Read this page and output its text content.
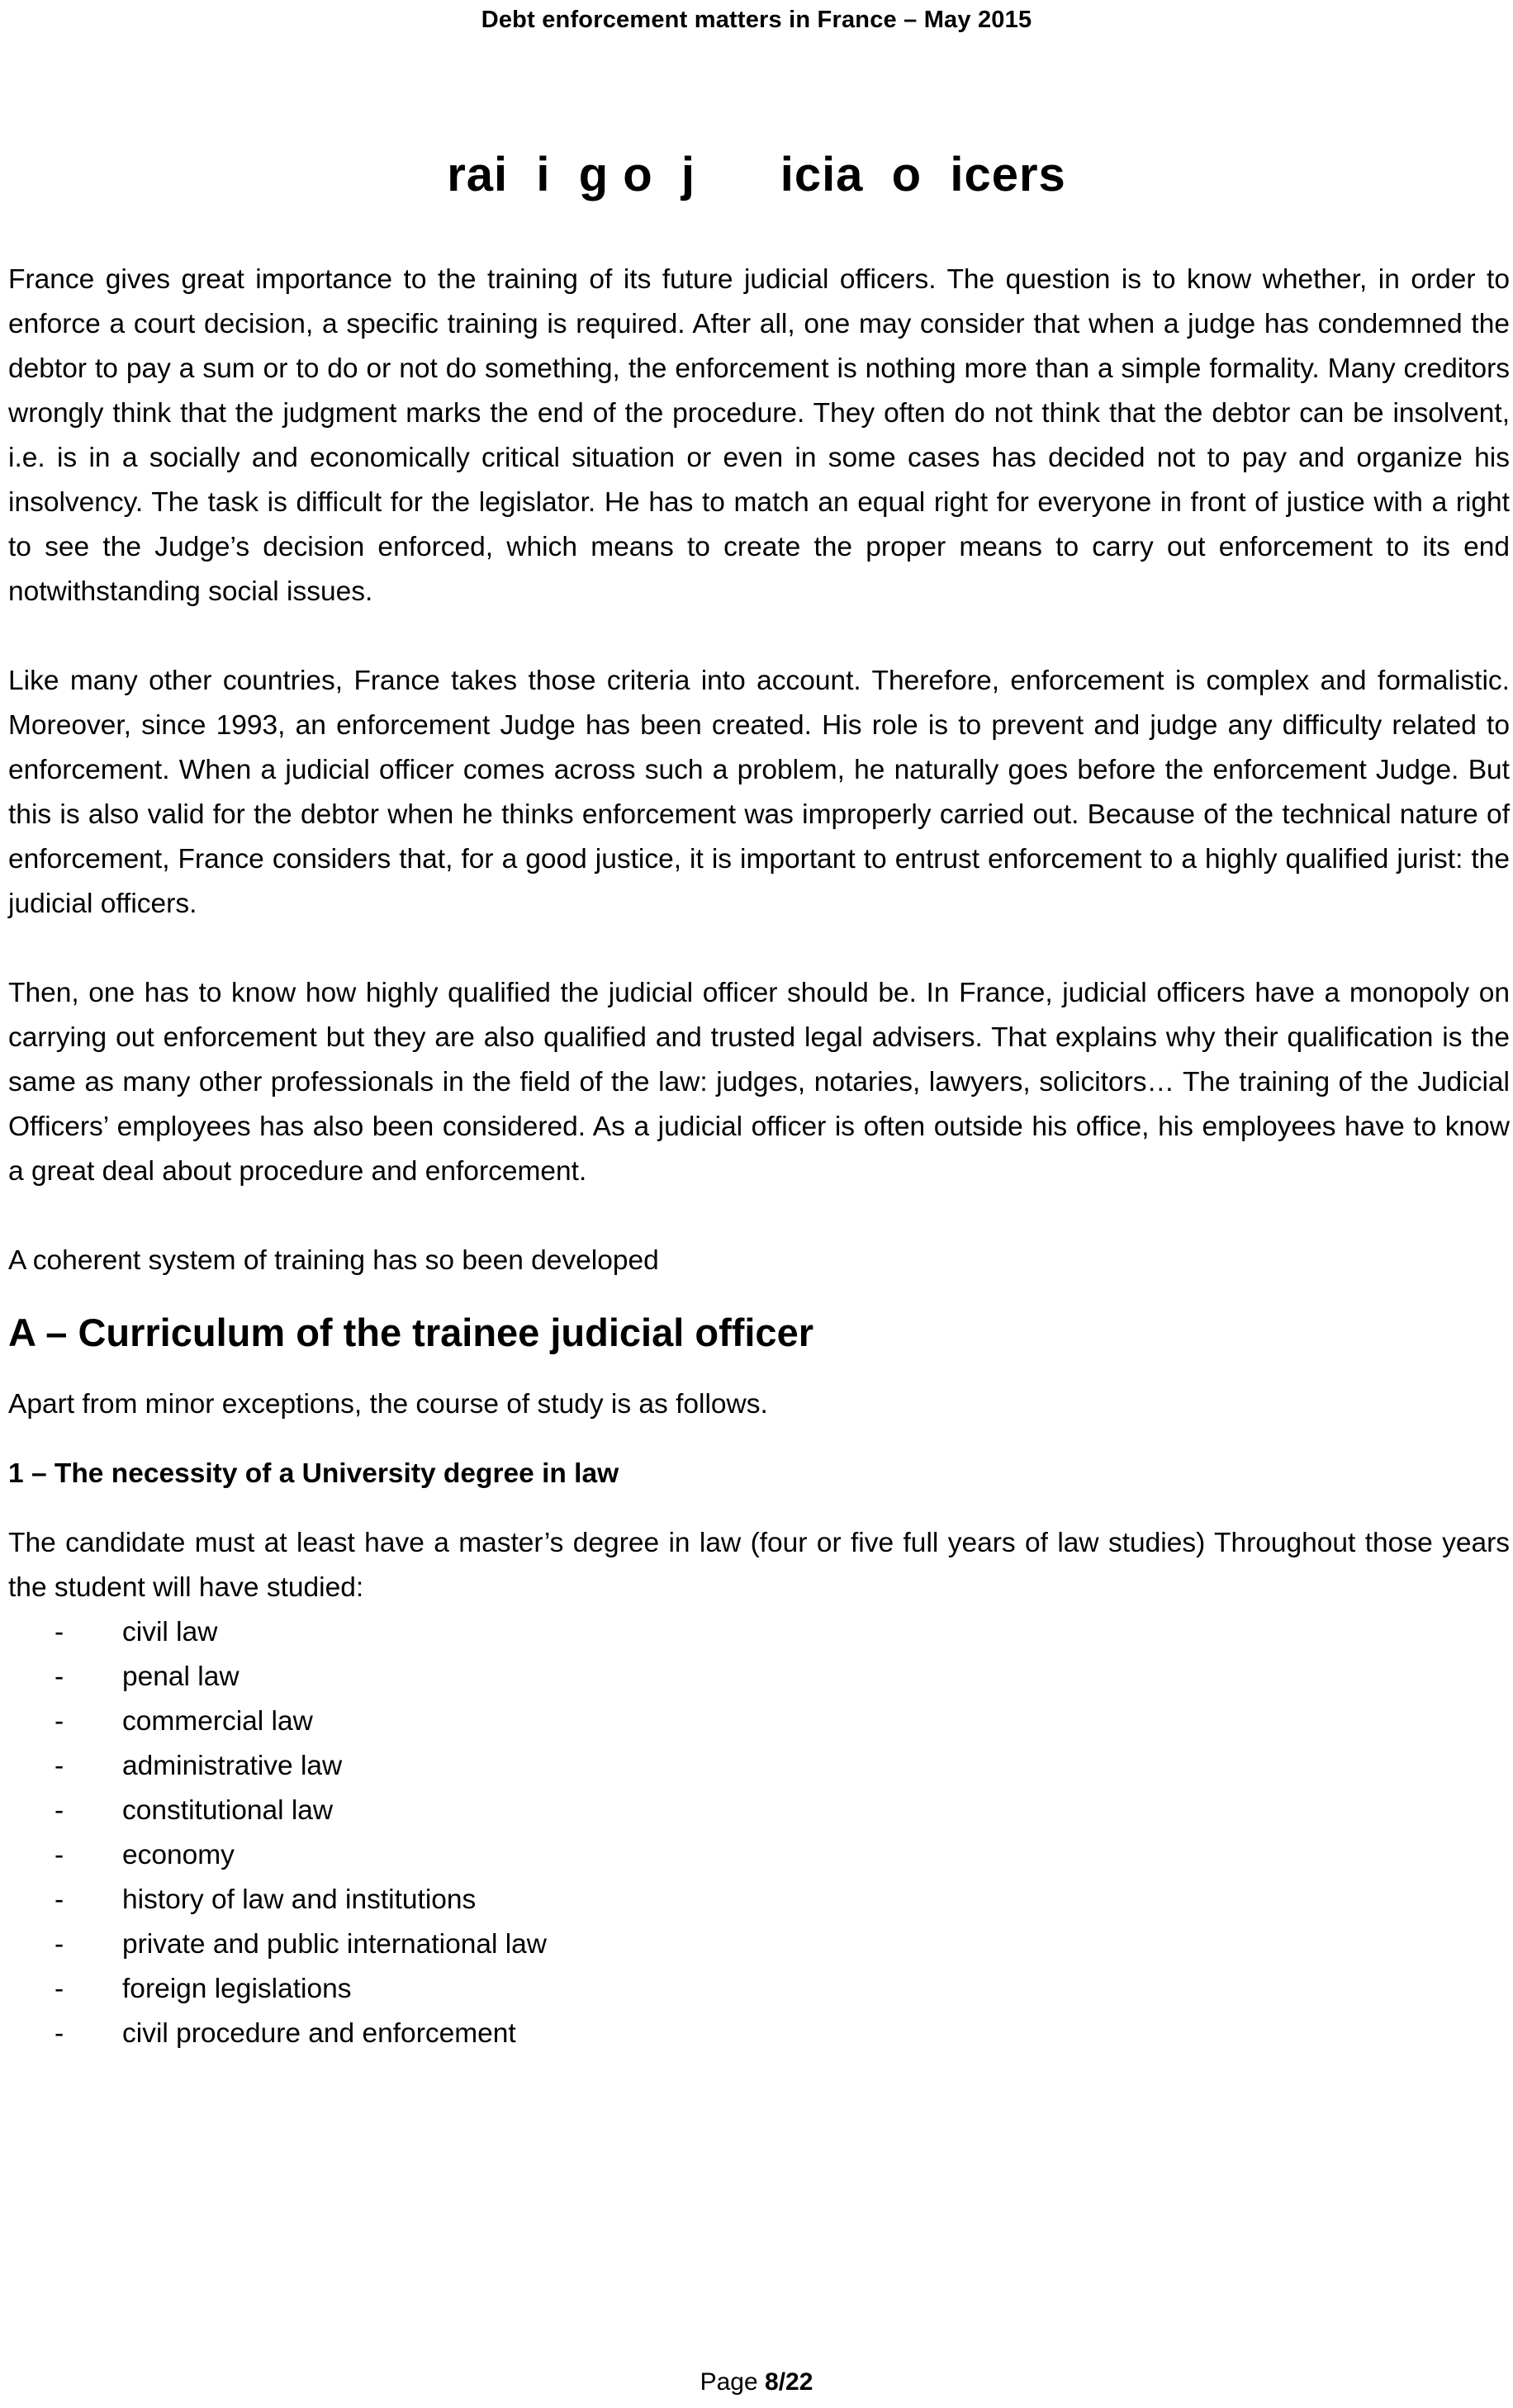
Debt enforcement matters in France – May 2015
rai  i  g o  j      icia  o  icers

France gives great importance to the training of its future judicial officers. The question is to know whether, in order to enforce a court decision, a specific training is required. After all, one may consider that when a judge has condemned the debtor to pay a sum or to do or not do something, the enforcement is nothing more than a simple formality. Many creditors wrongly think that the judgment marks the end of the procedure. They often do not think that the debtor can be insolvent, i.e. is in a socially and economically critical situation or even in some cases has decided not to pay and organize his insolvency. The task is difficult for the legislator. He has to match an equal right for everyone in front of justice with a right to see the Judge’s decision enforced, which means to create the proper means to carry out enforcement to its end notwithstanding social issues.

Like many other countries, France takes those criteria into account. Therefore, enforcement is complex and formalistic. Moreover, since 1993, an enforcement Judge has been created. His role is to prevent and judge any difficulty related to enforcement. When a judicial officer comes across such a problem, he naturally goes before the enforcement Judge. But this is also valid for the debtor when he thinks enforcement was improperly carried out. Because of the technical nature of enforcement, France considers that, for a good justice, it is important to entrust enforcement to a highly qualified jurist: the judicial officers.

Then, one has to know how highly qualified the judicial officer should be. In France, judicial officers have a monopoly on carrying out enforcement but they are also qualified and trusted legal advisers. That explains why their qualification is the same as many other professionals in the field of the law: judges, notaries, lawyers, solicitors… The training of the Judicial Officers’ employees has also been considered. As a judicial officer is often outside his office, his employees have to know a great deal about procedure and enforcement.

A coherent system of training has so been developed

A – Curriculum of the trainee judicial officer

Apart from minor exceptions, the course of study is as follows.

1 – The necessity of a University degree in law

The candidate must at least have a master’s degree in law (four or five full years of law studies) Throughout those years the student will have studied:

- civil law
- penal law
- commercial law
- administrative law
- constitutional law
- economy
- history of law and institutions
- private and public international law
- foreign legislations
- civil procedure and enforcement
Page 8/22
